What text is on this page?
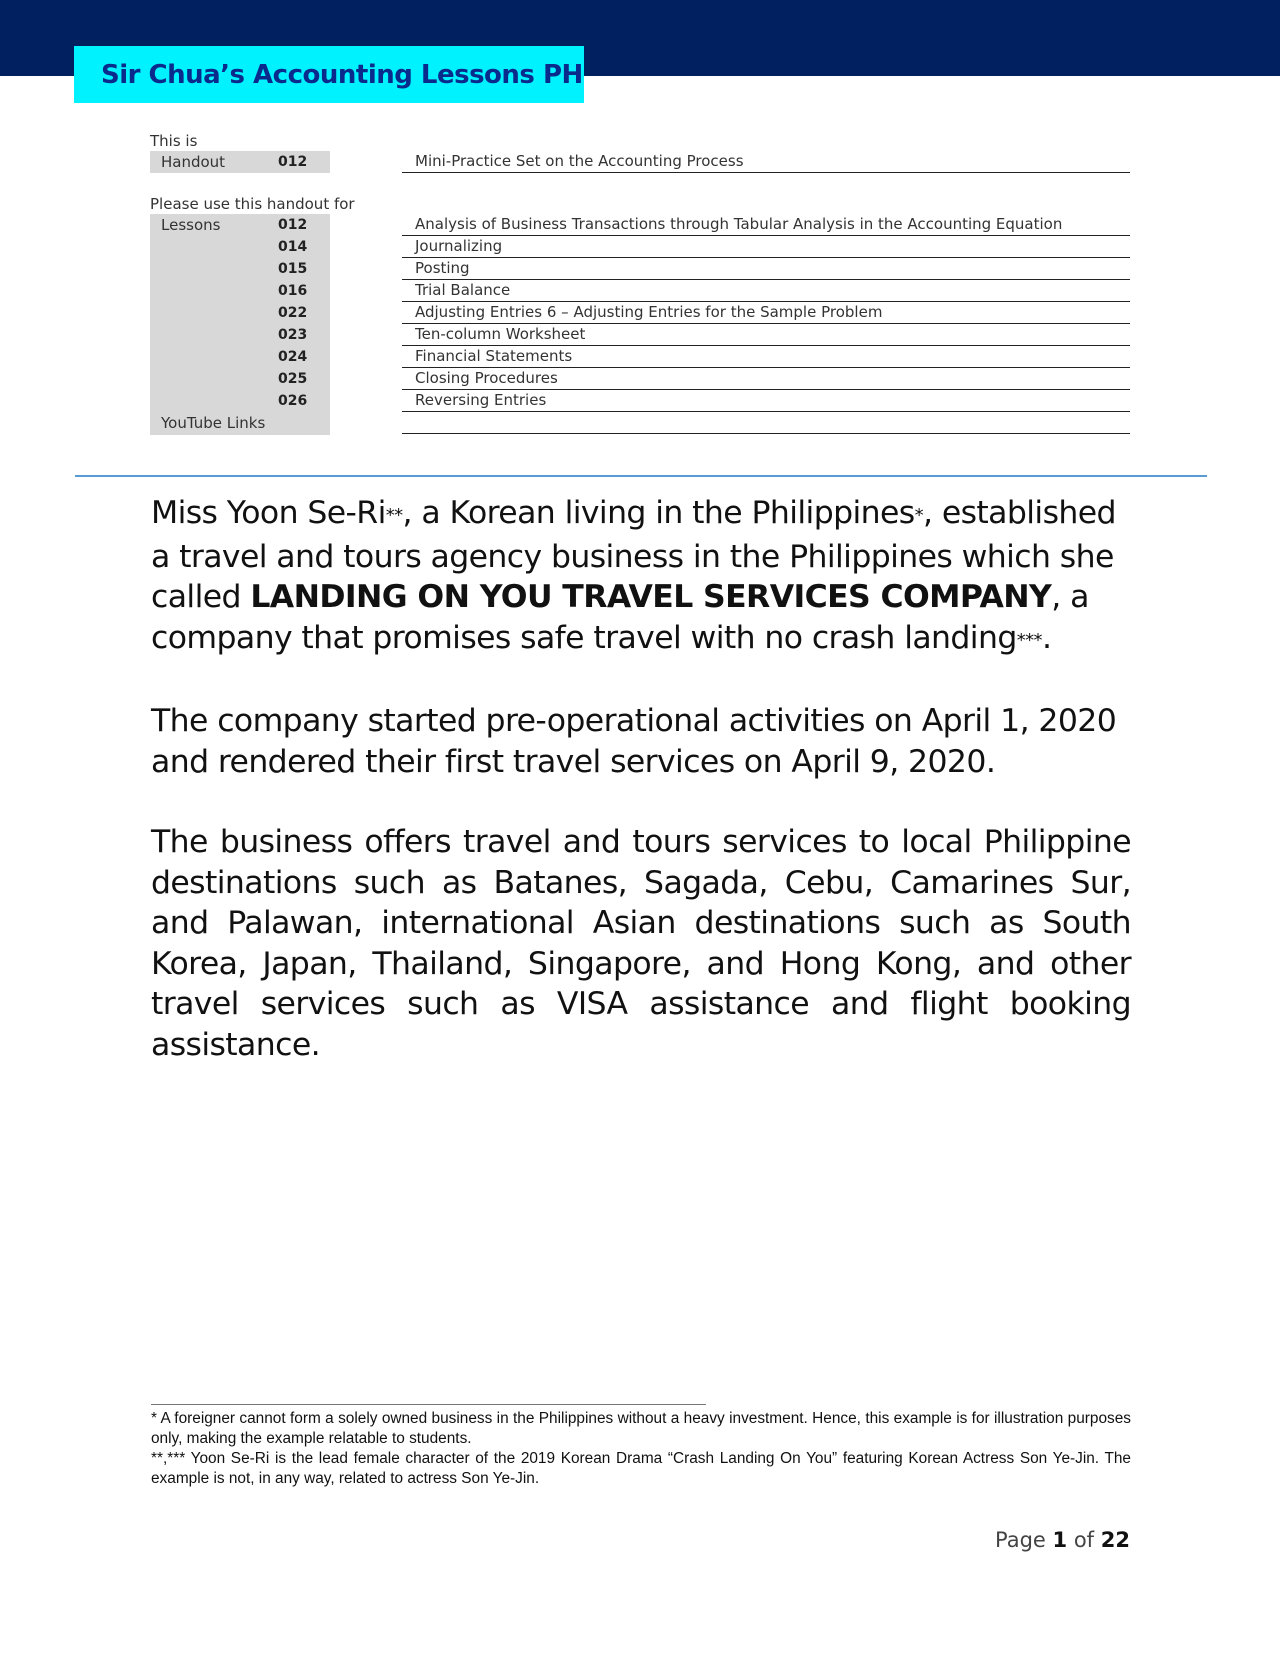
Sir Chua’s Accounting Lessons PH
This is
Handout	012	Mini-Practice Set on the Accounting Process
Please use this handout for
Lessons	012	Analysis of Business Transactions through Tabular Analysis in the Accounting Equation
014	Journalizing
015	Posting
016	Trial Balance
022	Adjusting Entries 6 – Adjusting Entries for the Sample Problem
023	Ten-column Worksheet
024	Financial Statements
025	Closing Procedures
026	Reversing Entries
YouTube Links

Miss Yoon Se-Ri**, a Korean living in the Philippines*, established a travel and tours agency business in the Philippines which she called LANDING ON YOU TRAVEL SERVICES COMPANY, a company that promises safe travel with no crash landing***.

The company started pre-operational activities on April 1, 2020 and rendered their first travel services on April 9, 2020.

The business offers travel and tours services to local Philippine destinations such as Batanes, Sagada, Cebu, Camarines Sur, and Palawan, international Asian destinations such as South Korea, Japan, Thailand, Singapore, and Hong Kong, and other travel services such as VISA assistance and flight booking assistance.

* A foreigner cannot form a solely owned business in the Philippines without a heavy investment. Hence, this example is for illustration purposes only, making the example relatable to students.

**,*** Yoon Se-Ri is the lead female character of the 2019 Korean Drama “Crash Landing On You” featuring Korean Actress Son Ye-Jin. The example is not, in any way, related to actress Son Ye-Jin.

Page 1 of 22
